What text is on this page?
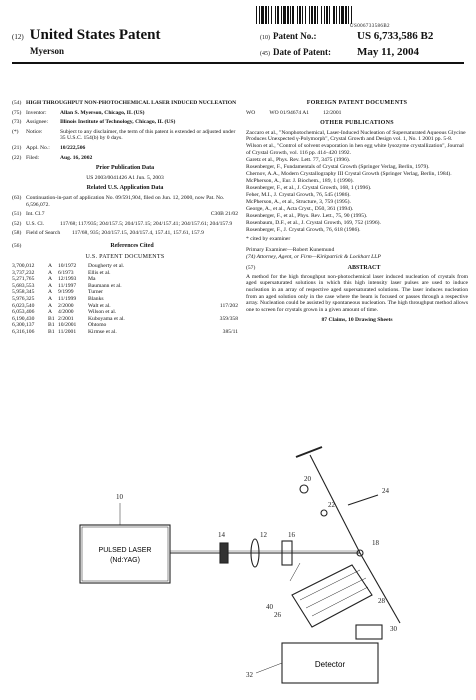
US006733586B2
(12) United States Patent
Myerson
(10) Patent No.:	US 6,733,586 B2
(45) Date of Patent: May 11, 2004
(54) HIGH THROUGHPUT NON-PHOTOCHEMICAL LASER INDUCED NUCLEATION
(75) Inventor:	Allan S. Myerson, Chicago, IL (US)
(73) Assignee:	Illinois Institute of Technology, Chicago, IL (US)
(*)	Notice:	Subject to any disclaimer, the term of this patent is extended or adjusted under 35 U.S.C. 154(b) by 0 days.
(21) Appl. No.:	10/222,506
(22) Filed:	Aug. 16, 2002
Prior Publication Data
US 2003/0041426 A1 Jun. 5, 2003
Related U.S. Application Data
(63) Continuation-in-part of application No. 09/591,904, filed on Jun. 12, 2000, now Pat. No. 6,596,072.
(51) Int. Cl.7	C30B 21/02
(52) U.S. Cl.	117/68; 117/935; 204/157.5; 204/157.15; 204/157.41; 204/157.61; 204/157.9
(58) Field of Search	117/68, 935; 204/157.15, 204/157.4, 157.41, 157.61, 157.9
(56)	References Cited
U.S. PATENT DOCUMENTS
3,700,012	A	10/1972	Dougherty et al.
3,737,232	A	6/1973	Ellis et al.
5,271,765	A	12/1993	Ma
5,683,553	A	11/1997	Baumann et al.
5,958,345	A	9/1999	Turner
5,976,325	A	11/1999	Blanks
6,023,540	A	2/2000	Walt et al.	117/202
6,053,406	A	4/2000	Wilson et al.
6,190,430	B1 2/2001	Kuboyama et al.	359/358
6,300,137	B1 10/2001	Ohtomo
6,316,106	B1 11/2001	Kirmse et al.	385/11
FOREIGN PATENT DOCUMENTS
WO	WO 01/94674 A1	12/2001
OTHER PUBLICATIONS
Zaccaro et al., "Nonphotochemical, Laser-Induced Nucleation of Supersaturated Aqueous Glycine Produces Unexpected γ-Polymorph", Crystal Growth and Design vol. 1, No. 1 2001 pp. 5-8.
Wilson et al., "Control of solvent evaporation in hen egg white lysozyme crystallization", Journal of Crystal Growth, vol. 116 pp. 414–420 1992.
Garetz et al., Phys. Rev. Lett. 77, 3475 (1996).
Rosenberger, F., Fundamentals of Crystal Growth (Springer Verlag, Berlin, 1979).
Chernov, A.A., Modern Crystallography III Crystal Growth (Springer Verlag, Berlin, 1984).
McPherson, A., Eur. J. Biochem., 189, 1 (1990).
Rosenberger, F., et al., J. Crystal Growth, 168, 1 (1996).
Feher, M.I., J. Crystal Growth, 76, 545 (1986).
McPherson, A., et al., Structure, 3, 759 (1995).
George, A., et al., Acta Cryst., D50, 361 (1994).
Rosenberger, F., et al., Phys. Rev. Lett., 75, 90 (1995).
Rosenbaum, D.F., et al., J. Crystal Growth, 169, 752 (1996).
Rosenberger, F., J. Crystal Growth, 76, 618 (1986).
* cited by examiner
Primary Examiner—Robert Kunemund
(74) Attorney, Agent, or Firm—Kirkpatrick & Lockhart LLP
(57)	ABSTRACT
A method for the high throughput non-photochemical laser induced nucleation of crystals from aged supersaturated solutions in which this high intensity laser pulses are used to induce nucleation in an array of respective aged supersaturated solutions. The laser induces nucleation from an aged solution only in the case where the beam is focused or passes through a respective array. Nucleation could be assisted by spontaneous nucleation. The high throughput method allows one to screen for crystals grown in a given amount of time.
87 Claims, 10 Drawing Sheets
PULSED LASER
(Nd:YAG)
Detector
10
12
14	16
18
20
22
24
26
28
30
32
40
